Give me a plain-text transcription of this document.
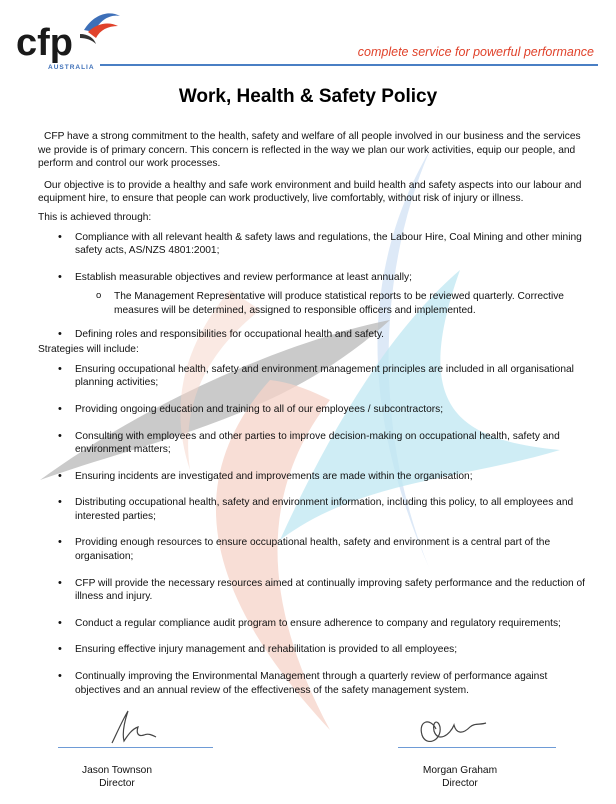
cfp
AUSTRALIA
complete service for powerful performance
Work, Health & Safety Policy

CFP have a strong commitment to the health, safety and welfare of all people involved in our business and the services we provide is of primary concern. This concern is reflected in the way we plan our work activities, equip our people, and perform and control our work processes.

Our objective is to provide a healthy and safe work environment and build health and safety aspects into our labour and equipment hire, to ensure that people can work productively, live comfortably, without risk of injury or illness.

This is achieved through:

• Compliance with all relevant health & safety laws and regulations, the Labour Hire, Coal Mining and other mining safety acts, AS/NZS 4801:2001;
• Establish measurable objectives and review performance at least annually;
o The Management Representative will produce statistical reports to be reviewed quarterly. Corrective measures will be determined, assigned to responsible officers and implemented.
• Defining roles and responsibilities for occupational health and safety.

Strategies will include:

• Ensuring occupational health, safety and environment management principles are included in all organisational planning activities;
• Providing ongoing education and training to all of our employees / subcontractors;
• Consulting with employees and other parties to improve decision-making on occupational health, safety and environment matters;
• Ensuring incidents are investigated and improvements are made within the organisation;
• Distributing occupational health, safety and environment information, including this policy, to all employees and interested parties;
• Providing enough resources to ensure occupational health, safety and environment is a central part of the organisation;
• CFP will provide the necessary resources aimed at continually improving safety performance and the reduction of illness and injury.
• Conduct a regular compliance audit program to ensure adherence to company and regulatory requirements;
• Ensuring effective injury management and rehabilitation is provided to all employees;
• Continually improving the Environmental Management through a quarterly review of performance against objectives and an annual review of the effectiveness of the safety management system.
Jason Townson
Director
Morgan Graham
Director
